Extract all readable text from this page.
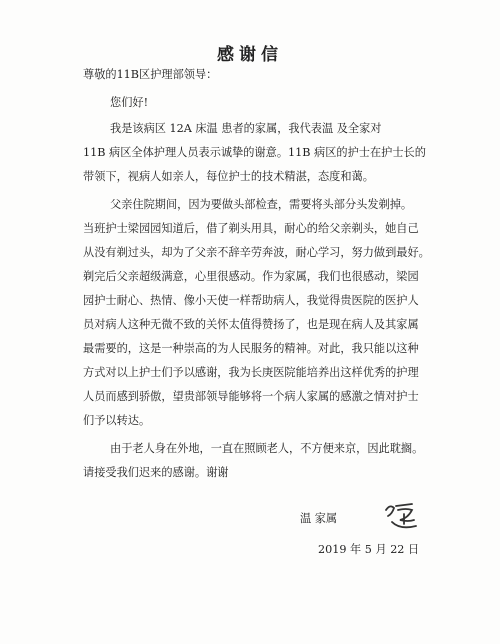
感谢信
尊敬的11B区护理部领导：
您们好!
我是该病区 12A 床温 患者的家属，我代表温 及全家对
11B 病区全体护理人员表示诚挚的谢意。11B 病区的护士在护士长的
带领下，视病人如亲人，每位护士的技术精湛，态度和蔼。
父亲住院期间，因为要做头部检查，需要将头部分头发剃掉。
当班护士梁园园知道后，借了剃头用具，耐心的给父亲剃头，她自己
从没有剃过头，却为了父亲不辞辛劳奔波，耐心学习，努力做到最好。
剃完后父亲超级满意，心里很感动。作为家属，我们也很感动，梁园
园护士耐心、热情、像小天使一样帮助病人，我觉得贵医院的医护人
员对病人这种无微不致的关怀太值得赞扬了，也是现在病人及其家属
最需要的，这是一种崇高的为人民服务的精神。对此，我只能以这种
方式对以上护士们予以感谢，我为长庚医院能培养出这样优秀的护理
人员而感到骄傲，望贵部领导能够将一个病人家属的感激之情对护士
们予以转达。
由于老人身在外地，一直在照顾老人，不方便来京，因此耽搁。
请接受我们迟来的感谢。谢谢
温 家属
2019 年 5 月 22 日
